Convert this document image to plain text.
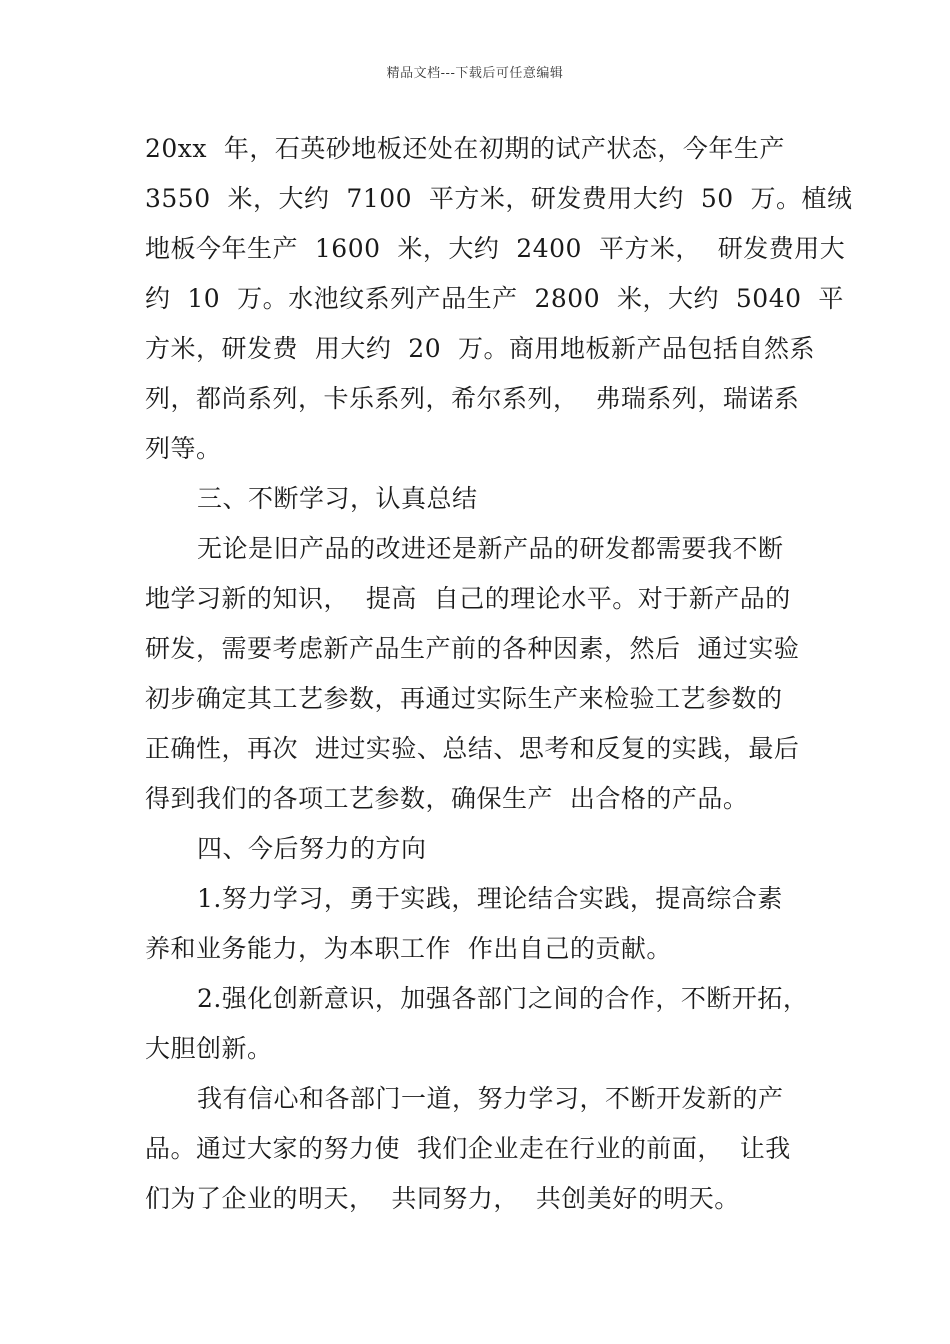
精品文档---下载后可任意编辑
20xx  年，石英砂地板还处在初期的试产状态，今年生产
3550  米，大约  7100  平方米，研发费用大约  50  万。植绒
地板今年生产  1600  米，大约  2400  平方米，  研发费用大
约  10  万。水池纹系列产品生产  2800  米，大约  5040  平
方米，研发费  用大约  20  万。商用地板新产品包括自然系
列，都尚系列，卡乐系列，希尔系列，  弗瑞系列，瑞诺系
列等。
三、不断学习，认真总结
无论是旧产品的改进还是新产品的研发都需要我不断
地学习新的知识，  提高  自己的理论水平。对于新产品的
研发，需要考虑新产品生产前的各种因素，然后  通过实验
初步确定其工艺参数，再通过实际生产来检验工艺参数的
正确性，再次  进过实验、总结、思考和反复的实践，最后
得到我们的各项工艺参数，确保生产  出合格的产品。
四、今后努力的方向
1.努力学习，勇于实践，理论结合实践，提高综合素
养和业务能力，为本职工作  作出自己的贡献。
2.强化创新意识，加强各部门之间的合作，不断开拓，
大胆创新。
我有信心和各部门一道，努力学习，不断开发新的产
品。通过大家的努力使  我们企业走在行业的前面，  让我
们为了企业的明天，  共同努力，  共创美好的明天。
